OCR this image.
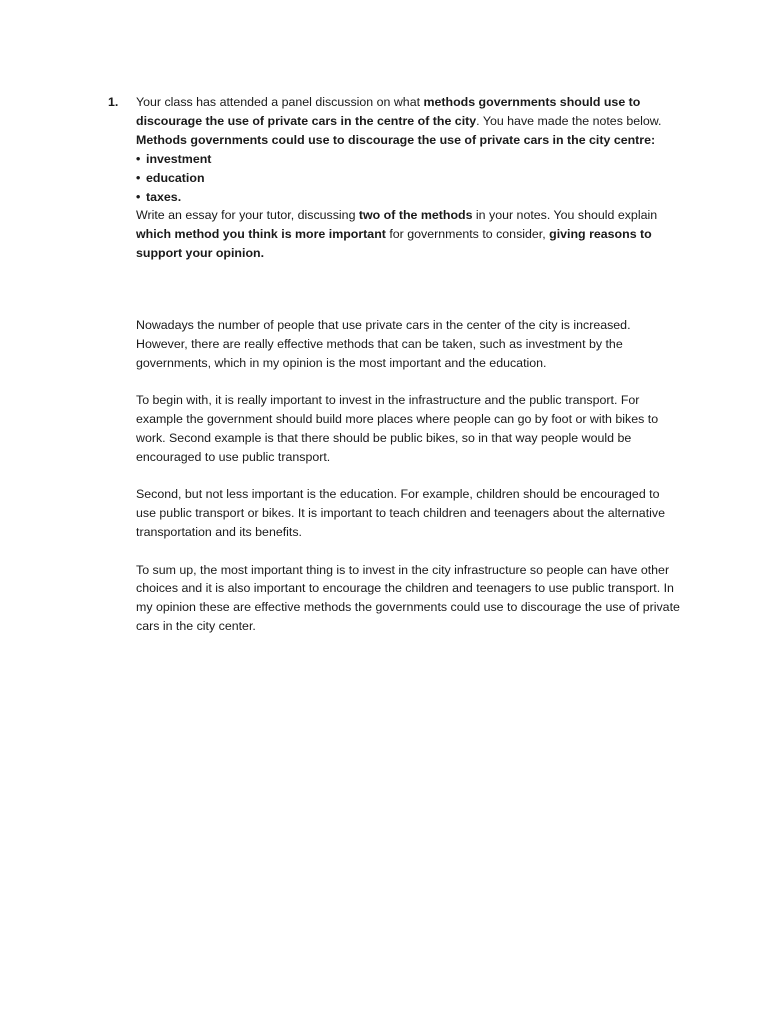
1. Your class has attended a panel discussion on what methods governments should use to discourage the use of private cars in the centre of the city. You have made the notes below.

Methods governments could use to discourage the use of private cars in the city centre:

• investment
• education
• taxes.

Write an essay for your tutor, discussing two of the methods in your notes. You should explain which method you think is more important for governments to consider, giving reasons to support your opinion.

Nowadays the number of people that use private cars in the center of the city is increased. However, there are really effective methods that can be taken, such as investment by the governments, which in my opinion is the most important and the education.

To begin with, it is really important to invest in the infrastructure and the public transport. For example the government should build more places where people can go by foot or with bikes to work. Second example is that there should be public bikes, so in that way people would be encouraged to use public transport.

Second, but not less important is the education. For example, children should be encouraged to use public transport or bikes. It is important to teach children and teenagers about the alternative transportation and its benefits.

To sum up, the most important thing is to invest in the city infrastructure so people can have other choices and it is also important to encourage the children and teenagers to use public transport. In my opinion these are effective methods the governments could use to discourage the use of private cars in the city center.
